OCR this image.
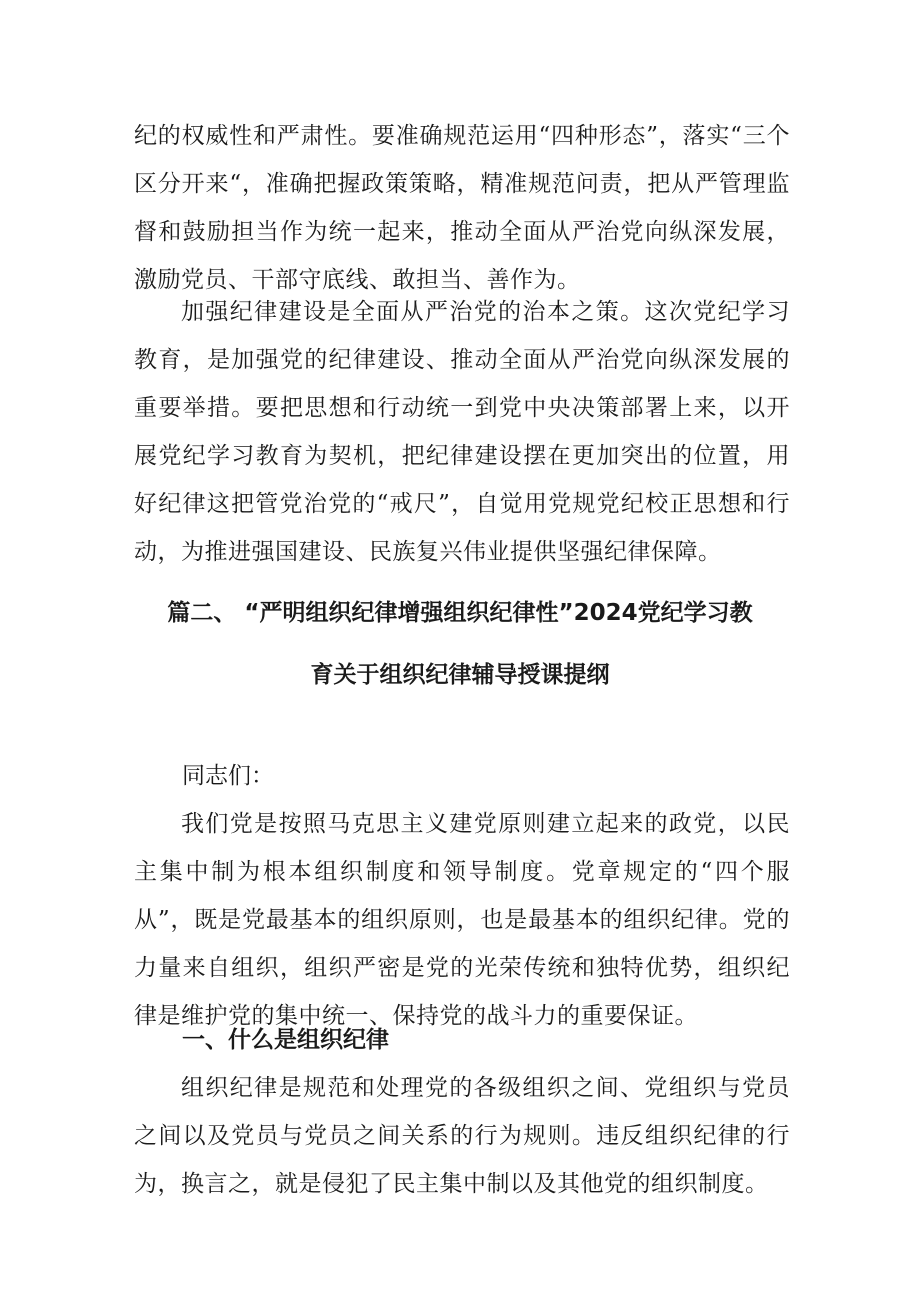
纪的权威性和严肃性。要准确规范运用“四种形态”，落实“三个区分开来“，准确把握政策策略，精准规范问责，把从严管理监督和鼓励担当作为统一起来，推动全面从严治党向纵深发展，激励党员、干部守底线、敢担当、善作为。

加强纪律建设是全面从严治党的治本之策。这次党纪学习教育，是加强党的纪律建设、推动全面从严治党向纵深发展的重要举措。要把思想和行动统一到党中央决策部署上来，以开展党纪学习教育为契机，把纪律建设摆在更加突出的位置，用好纪律这把管党治党的“戒尺”，自觉用党规党纪校正思想和行动，为推进强国建设、民族复兴伟业提供坚强纪律保障。

篇二、 “严明组织纪律增强组织纪律性”2024党纪学习教
育关于组织纪律辅导授课提纲

同志们：

我们党是按照马克思主义建党原则建立起来的政党，以民主集中制为根本组织制度和领导制度。党章规定的“四个服从”，既是党最基本的组织原则，也是最基本的组织纪律。党的力量来自组织，组织严密是党的光荣传统和独特优势，组织纪律是维护党的集中统一、保持党的战斗力的重要保证。

一、什么是组织纪律

组织纪律是规范和处理党的各级组织之间、党组织与党员之间以及党员与党员之间关系的行为规则。违反组织纪律的行为，换言之，就是侵犯了民主集中制以及其他党的组织制度。
